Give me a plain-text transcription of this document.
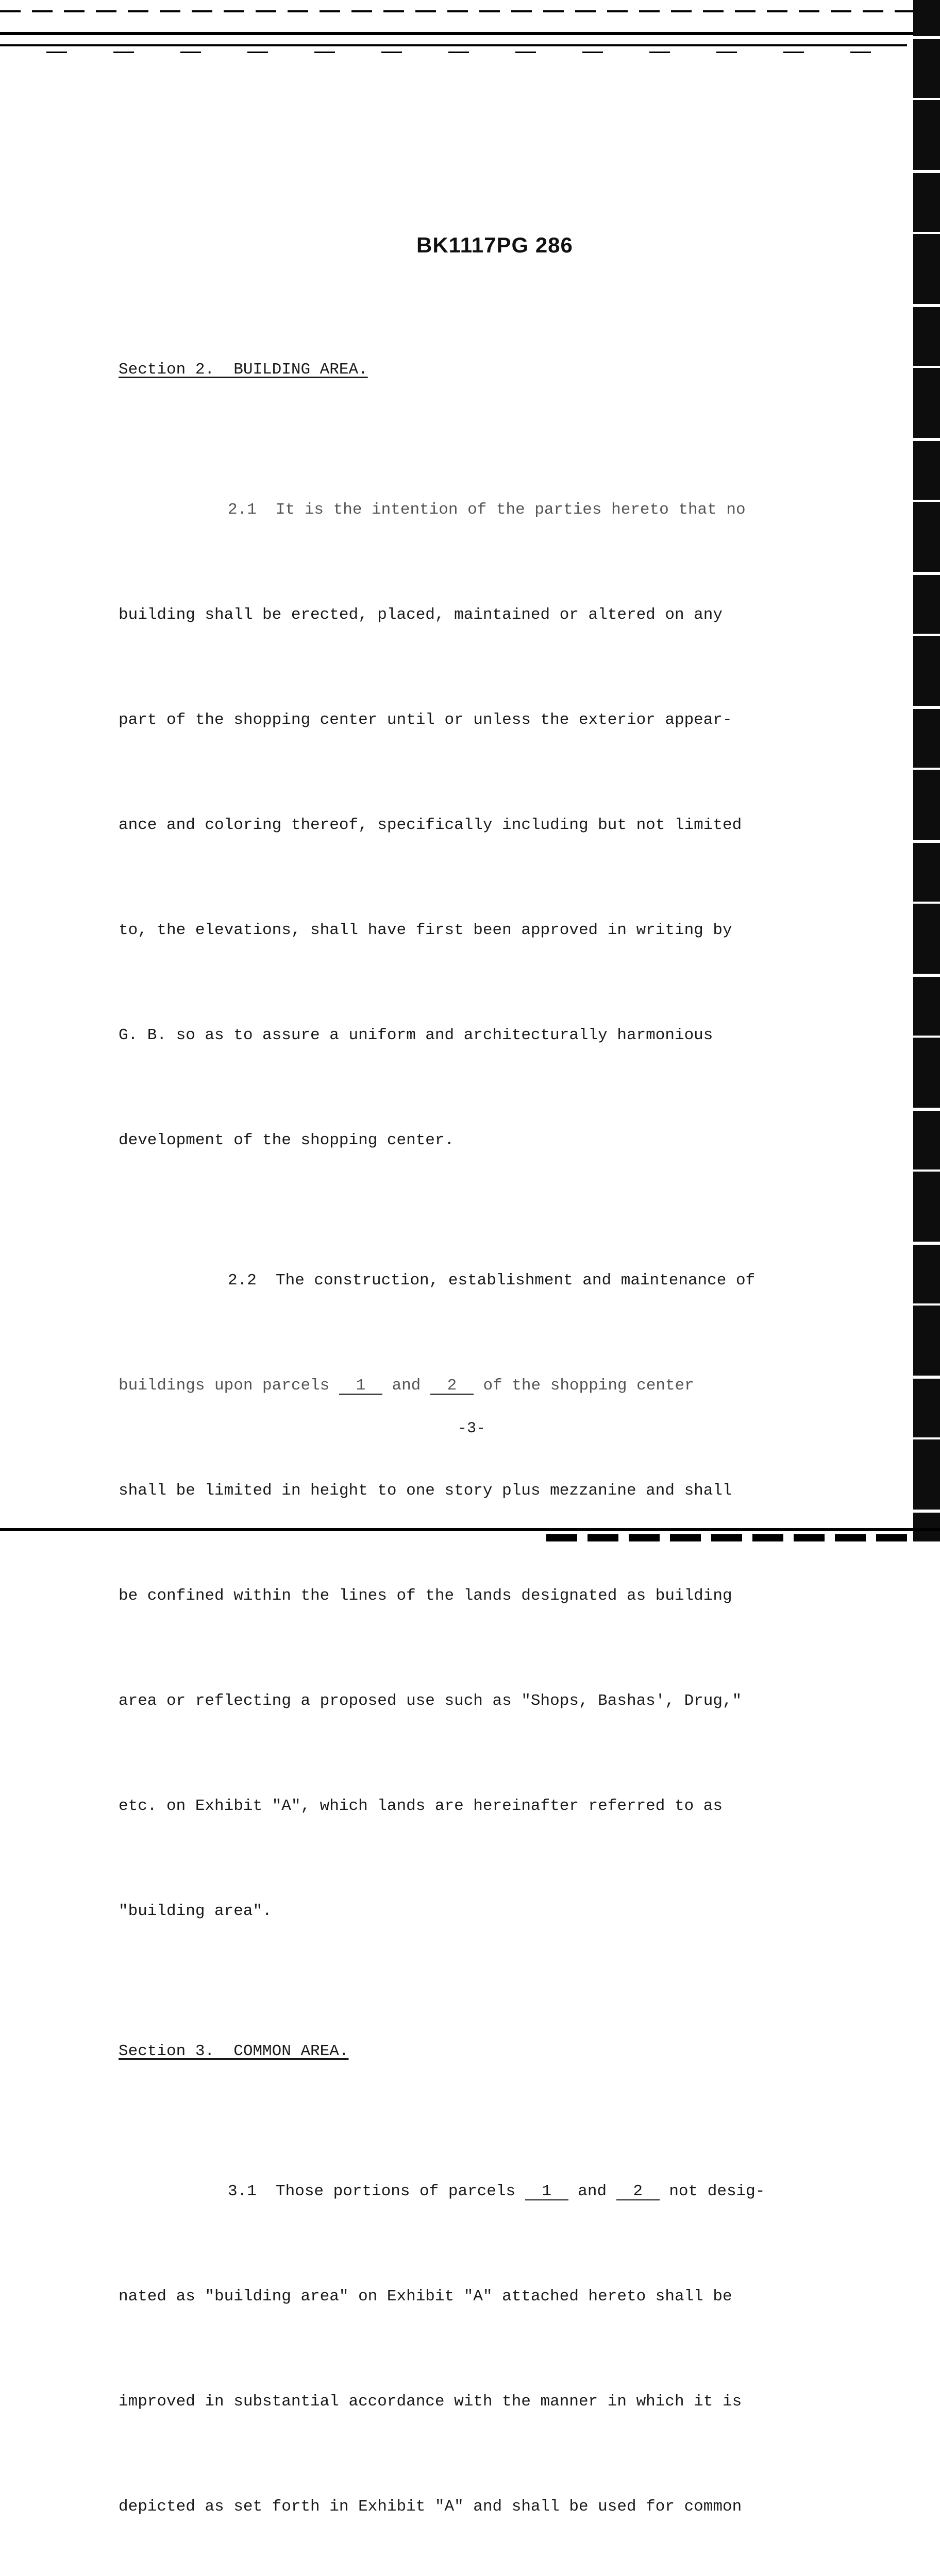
BK1117PG 286

Section 2.  BUILDING AREA.

2.1  It is the intention of the parties hereto that no

building shall be erected, placed, maintained or altered on any

part of the shopping center until or unless the exterior appear-

ance and coloring thereof, specifically including but not limited

to, the elevations, shall have first been approved in writing by

G. B. so as to assure a uniform and architecturally harmonious

development of the shopping center.

2.2  The construction, establishment and maintenance of

buildings upon parcels 1 and 2 of the shopping center

shall be limited in height to one story plus mezzanine and shall

be confined within the lines of the lands designated as building

area or reflecting a proposed use such as "Shops, Bashas', Drug,"

etc. on Exhibit "A", which lands are hereinafter referred to as

"building area".

Section 3.  COMMON AREA.

3.1  Those portions of parcels 1 and 2 not desig-

nated as "building area" on Exhibit "A" attached hereto shall be

improved in substantial accordance with the manner in which it is

depicted as set forth in Exhibit "A" and shall be used for common

-3-
